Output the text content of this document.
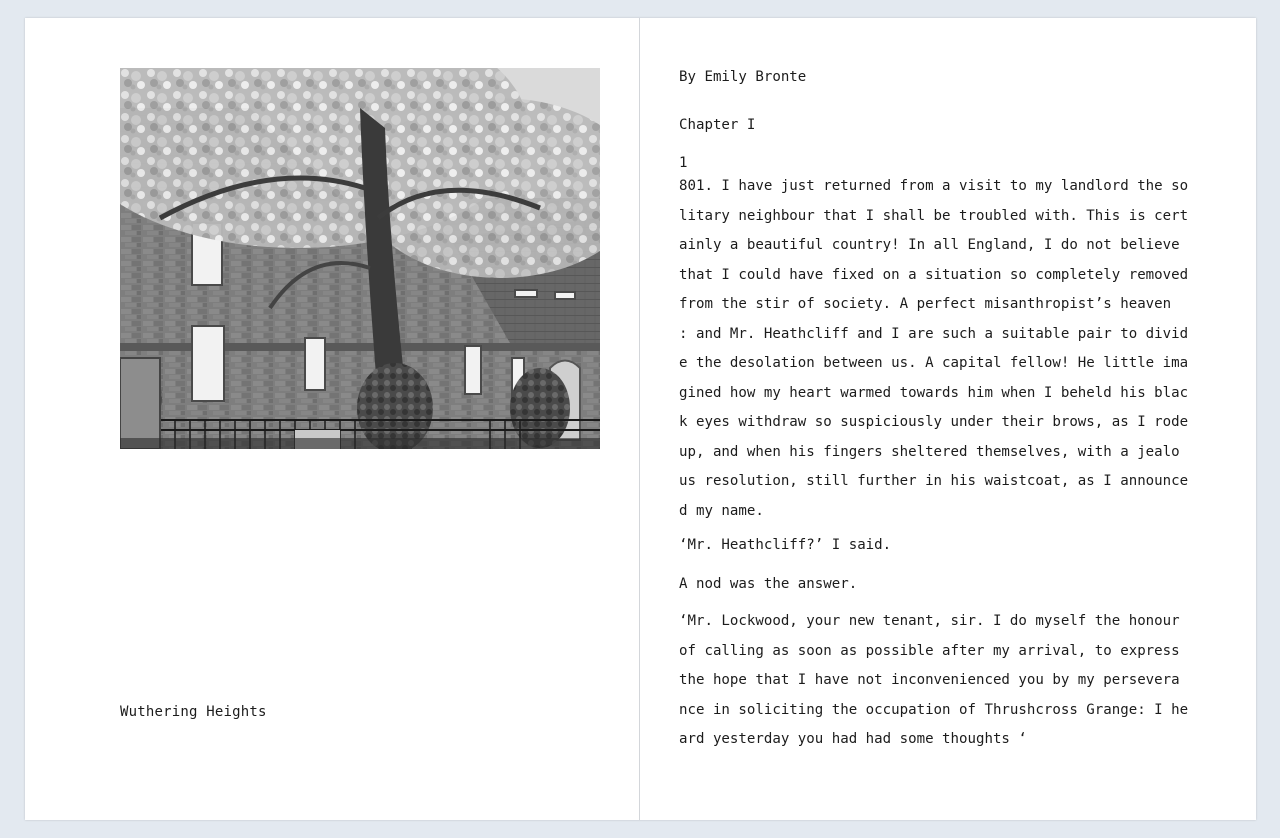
Wuthering Heights
By Emily Bronte
Chapter I
1
801. I have just returned from a visit to my landlord the so
litary neighbour that I shall be troubled with. This is cert
ainly a beautiful country! In all England, I do not believe
that I could have fixed on a situation so completely removed
from the stir of society. A perfect misanthropist’s heaven
: and Mr. Heathcliff and I are such a suitable pair to divid
e the desolation between us. A capital fellow! He little ima
gined how my heart warmed towards him when I beheld his blac
k eyes withdraw so suspiciously under their brows, as I rode
up, and when his fingers sheltered themselves, with a jealo
us resolution, still further in his waistcoat, as I announce
d my name.
‘Mr. Heathcliff?’ I said.
A nod was the answer.
‘Mr. Lockwood, your new tenant, sir. I do myself the honour
of calling as soon as possible after my arrival, to express
the hope that I have not inconvenienced you by my persevera
nce in soliciting the occupation of Thrushcross Grange: I he
ard yesterday you had had some thoughts ‘
